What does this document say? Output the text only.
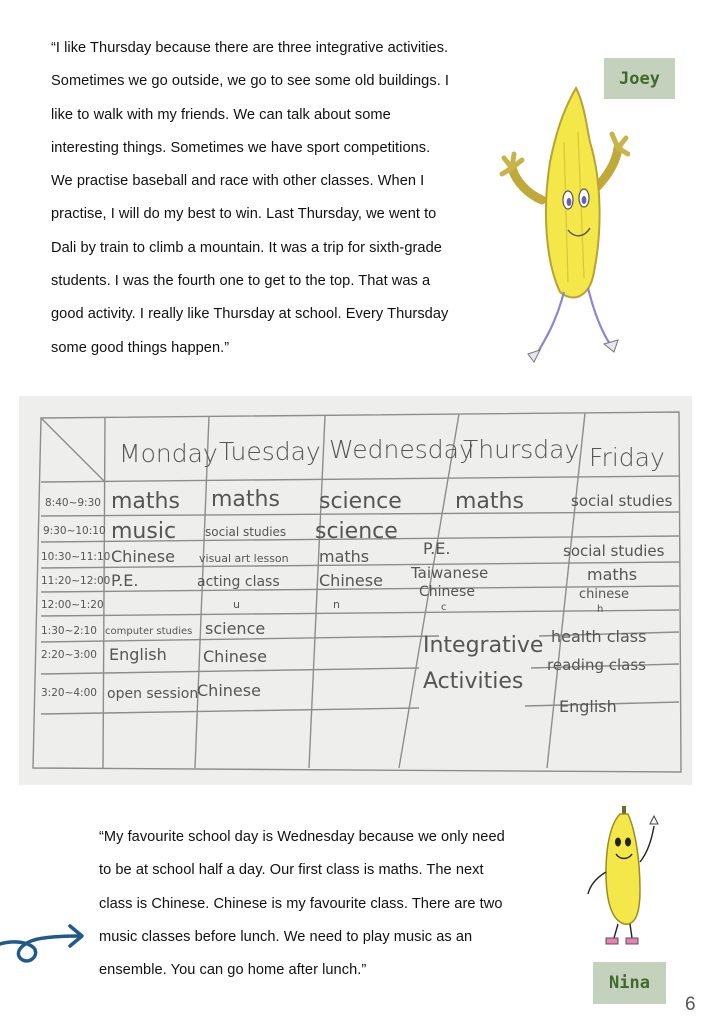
“I like Thursday because there are three integrative activities.
Sometimes we go outside, we go to see some old buildings. I
like to walk with my friends. We can talk about some
interesting things. Sometimes we have sport competitions.
We practise baseball and race with other classes. When I
practise, I will do my best to win. Last Thursday, we went to
Dali by train to climb a mountain. It was a trip for sixth-grade
students. I was the fourth one to get to the top. That was a
good activity. I really like Thursday at school. Every Thursday
some good things happen.”
Joey
Monday Tuesday Wednesday
Thursday Friday
8:40~9:30
9:30~10:10
10:30~11:10
11:20~12:00
12:00~1:20
1:30~2:10
2:20~3:00
3:20~4:00
maths
music
Chinese
P.E.
computer studies
English
open session
maths
social studies
visual art lesson
acting class
u
science
Chinese
Chinese
science
science
maths
Chinese
n
maths
P.E.
Taiwanese
Chinese
c
Integrative
Activities
social studies
social studies
maths
chinese
h
health class
reading class
English
“My favourite school day is Wednesday because we only need
to be at school half a day. Our first class is maths. The next
class is Chinese. Chinese is my favourite class. There are two
music classes before lunch. We need to play music as an
ensemble. You can go home after lunch.”
Nina
6
